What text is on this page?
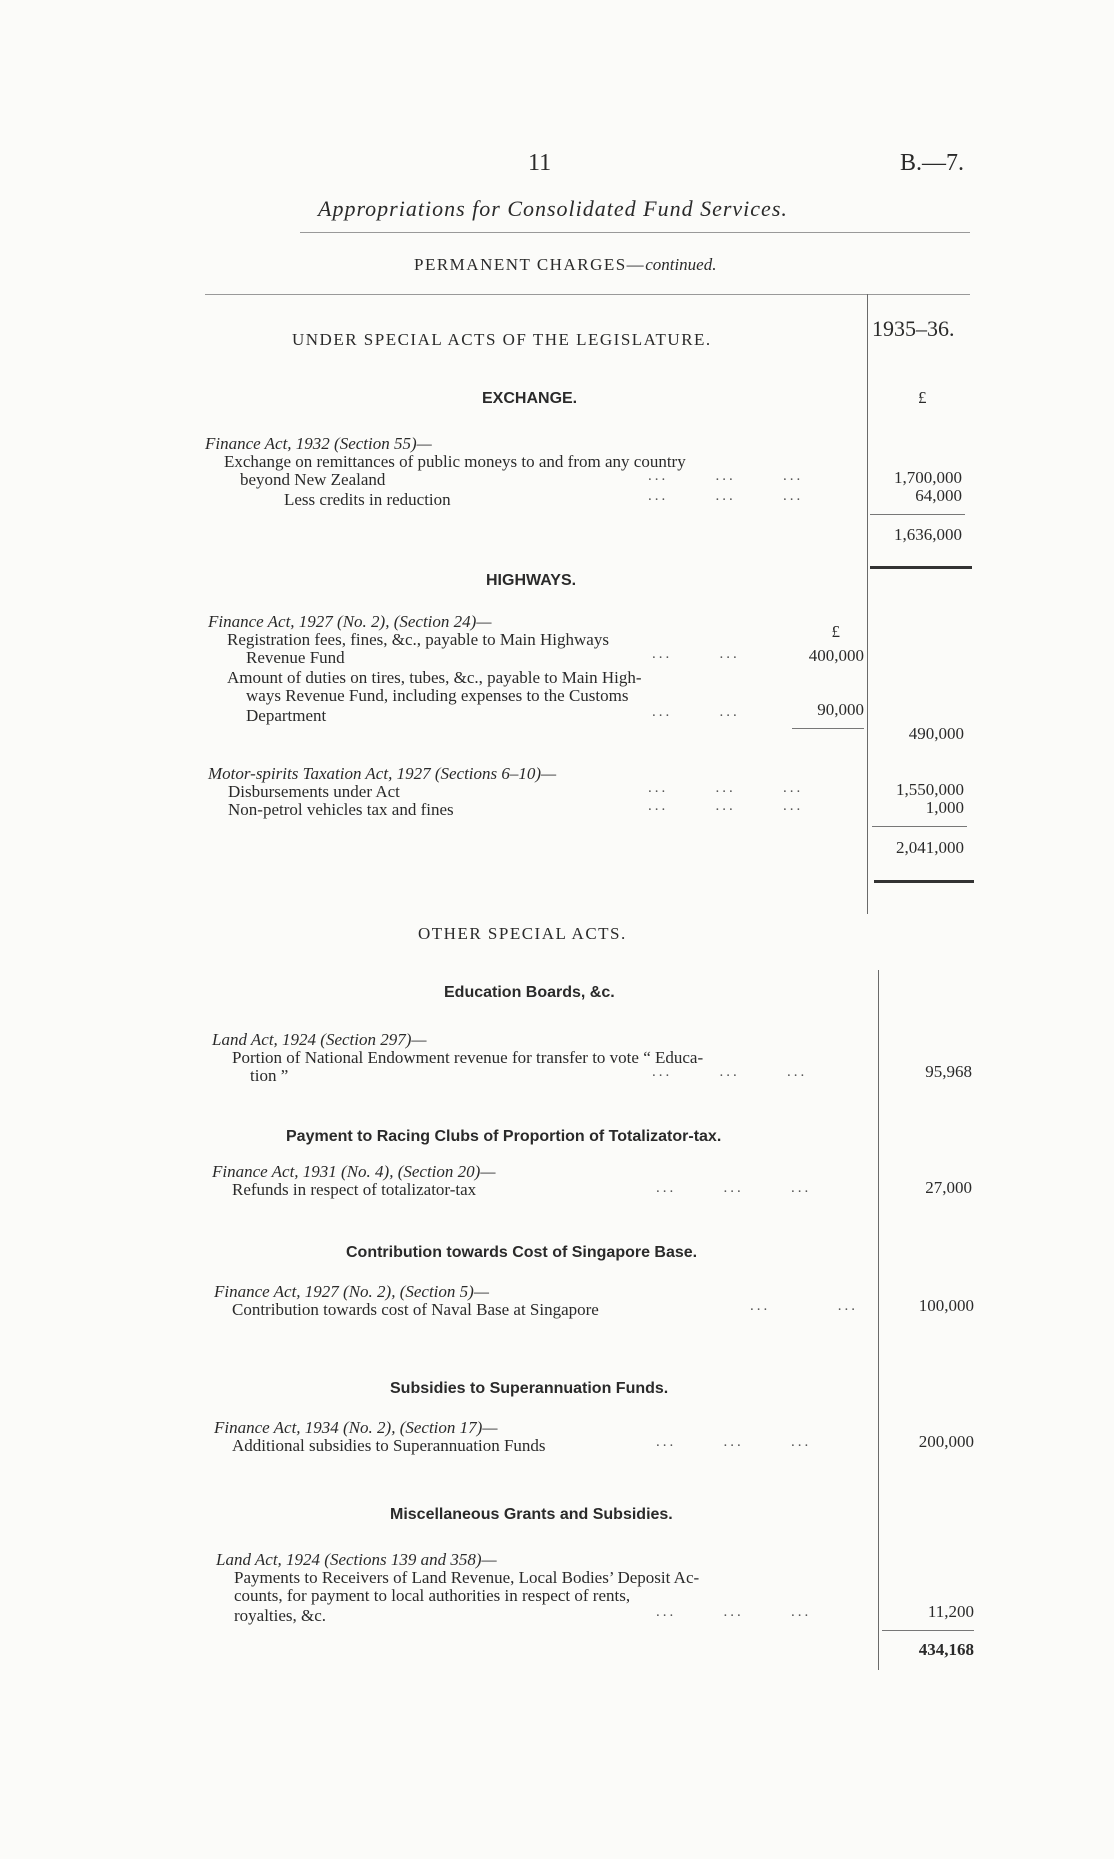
11	B.—7.
Appropriations for Consolidated Fund Services.
PERMANENT CHARGES—continued.
UNDER SPECIAL ACTS OF THE LEGISLATURE.	1935–36.
£
EXCHANGE.
Finance Act, 1932 (Section 55)—
Exchange on remittances of public moneys to and from any country
beyond New Zealand	...       ...       ...	1,700,000
Less credits in reduction	...       ...       ...	64,000
1,636,000
HIGHWAYS.
Finance Act, 1927 (No. 2), (Section 24)—
£
Registration fees, fines, &c., payable to Main Highways
Revenue Fund	...       ...	400,000
Amount of duties on tires, tubes, &c., payable to Main High-
ways Revenue Fund, including expenses to the Customs
Department	...       ...	90,000
490,000
Motor-spirits Taxation Act, 1927 (Sections 6–10)—
Disbursements under Act	...       ...       ...	1,550,000
Non-petrol vehicles tax and fines	...       ...       ...	1,000
2,041,000
OTHER SPECIAL ACTS.
Education Boards, &c.
Land Act, 1924 (Section 297)—
Portion of National Endowment revenue for transfer to vote “ Educa-
tion ”	...       ...       ...	95,968
Payment to Racing Clubs of Proportion of Totalizator-tax.
Finance Act, 1931 (No. 4), (Section 20)—
Refunds in respect of totalizator-tax	...       ...       ...	27,000
Contribution towards Cost of Singapore Base.
Finance Act, 1927 (No. 2), (Section 5)—
Contribution towards cost of Naval Base at Singapore	...          ...	100,000
Subsidies to Superannuation Funds.
Finance Act, 1934 (No. 2), (Section 17)—
Additional subsidies to Superannuation Funds	...       ...       ...	200,000
Miscellaneous Grants and Subsidies.
Land Act, 1924 (Sections 139 and 358)—
Payments to Receivers of Land Revenue, Local Bodies’ Deposit Ac-
counts, for payment to local authorities in respect of rents,
royalties, &c.	...       ...       ...	11,200
434,168
